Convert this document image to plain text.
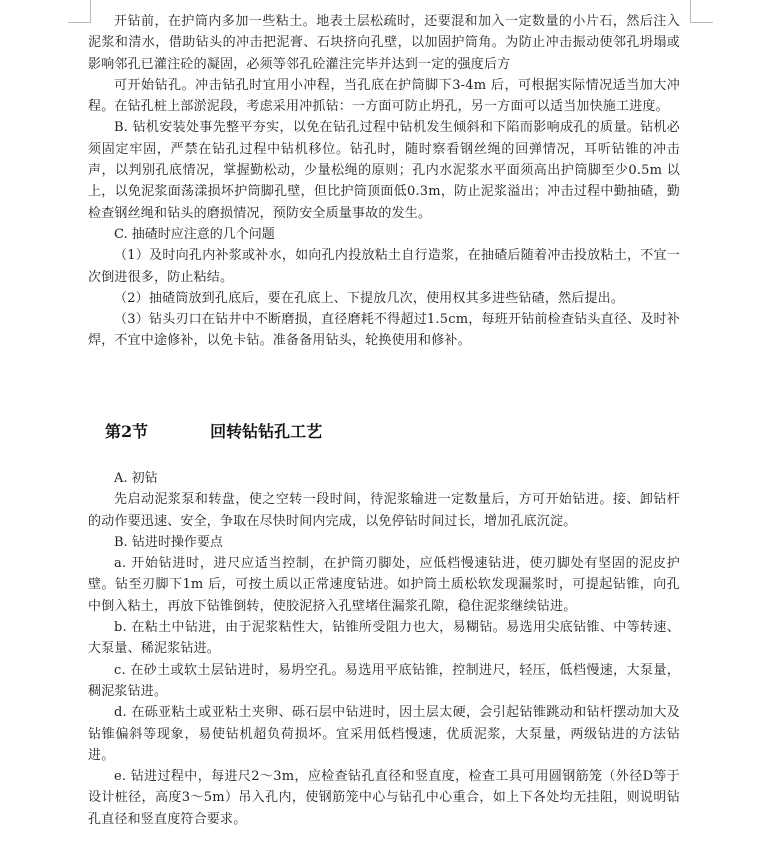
开钻前，在护筒内多加一些粘土。地表土层松疏时，还要混和加入一定数量的小片石，然后注入泥浆和清水，借助钻头的冲击把泥膏、石块挤向孔壁，以加固护筒角。为防止冲击振动使邻孔坍塌或影响邻孔已灌注砼的凝固，必须等邻孔砼灌注完毕并达到一定的强度后方

可开始钻孔。冲击钻孔时宜用小冲程，当孔底在护筒脚下3-4m 后，可根据实际情况适当加大冲程。在钻孔桩上部淤泥段，考虑采用冲抓钻：一方面可防止坍孔，另一方面可以适当加快施工进度。

B. 钻机安装处事先整平夯实，以免在钻孔过程中钻机发生倾斜和下陷而影响成孔的质量。钻机必须固定牢固，严禁在钻孔过程中钻机移位。钻孔时，随时察看钢丝绳的回弹情况，耳听钻锥的冲击声，以判别孔底情况，掌握勤松动，少量松绳的原则；孔内水泥浆水平面须高出护筒脚至少0.5m 以上，以免泥浆面荡漾损坏护筒脚孔壁，但比护筒顶面低0.3m，防止泥浆溢出；冲击过程中勤抽碴，勤检查钢丝绳和钻头的磨损情况，预防安全质量事故的发生。

C. 抽碴时应注意的几个问题

（1）及时向孔内补浆或补水，如向孔内投放粘土自行造浆，在抽碴后随着冲击投放粘土，不宜一次倒进很多，防止粘结。

（2）抽碴筒放到孔底后，要在孔底上、下提放几次，使用权其多进些钻碴，然后提出。

（3）钻头刃口在钻井中不断磨损，直径磨耗不得超过1.5cm，每班开钻前检查钻头直径、及时补焊，不宜中途修补，以免卡钻。准备备用钻头，轮换使用和修补。

第2节	回转钻钻孔工艺

A. 初钻

先启动泥浆泵和转盘，使之空转一段时间，待泥浆输进一定数量后，方可开始钻进。接、卸钻杆的动作要迅速、安全，争取在尽快时间内完成，以免停钻时间过长，增加孔底沉淀。

B. 钻进时操作要点

a. 开始钻进时，进尺应适当控制，在护筒刃脚处，应低档慢速钻进，使刃脚处有坚固的泥皮护壁。钻至刃脚下1m 后，可按土质以正常速度钻进。如护筒土质松软发现漏浆时，可提起钻锥，向孔中倒入粘土，再放下钻锥倒转，使胶泥挤入孔壁堵住漏浆孔隙，稳住泥浆继续钻进。

b. 在粘土中钻进，由于泥浆粘性大，钻锥所受阻力也大，易糊钻。易选用尖底钻锥、中等转速、大泵量、稀泥浆钻进。

c. 在砂土或软土层钻进时，易坍空孔。易选用平底钻锥，控制进尺，轻压，低档慢速，大泵量，稠泥浆钻进。

d. 在砾亚粘土或亚粘土夹卵、砾石层中钻进时，因土层太硬，会引起钻锥跳动和钻杆摆动加大及钻锥偏斜等现象，易使钻机超负荷损坏。宜采用低档慢速，优质泥浆，大泵量，两级钻进的方法钻进。

e. 钻进过程中，每进尺2～3m，应检查钻孔直径和竖直度，检查工具可用圆钢筋笼（外径D等于设计桩径，高度3～5m）吊入孔内，使钢筋笼中心与钻孔中心重合，如上下各处均无挂阻，则说明钻孔直径和竖直度符合要求。
